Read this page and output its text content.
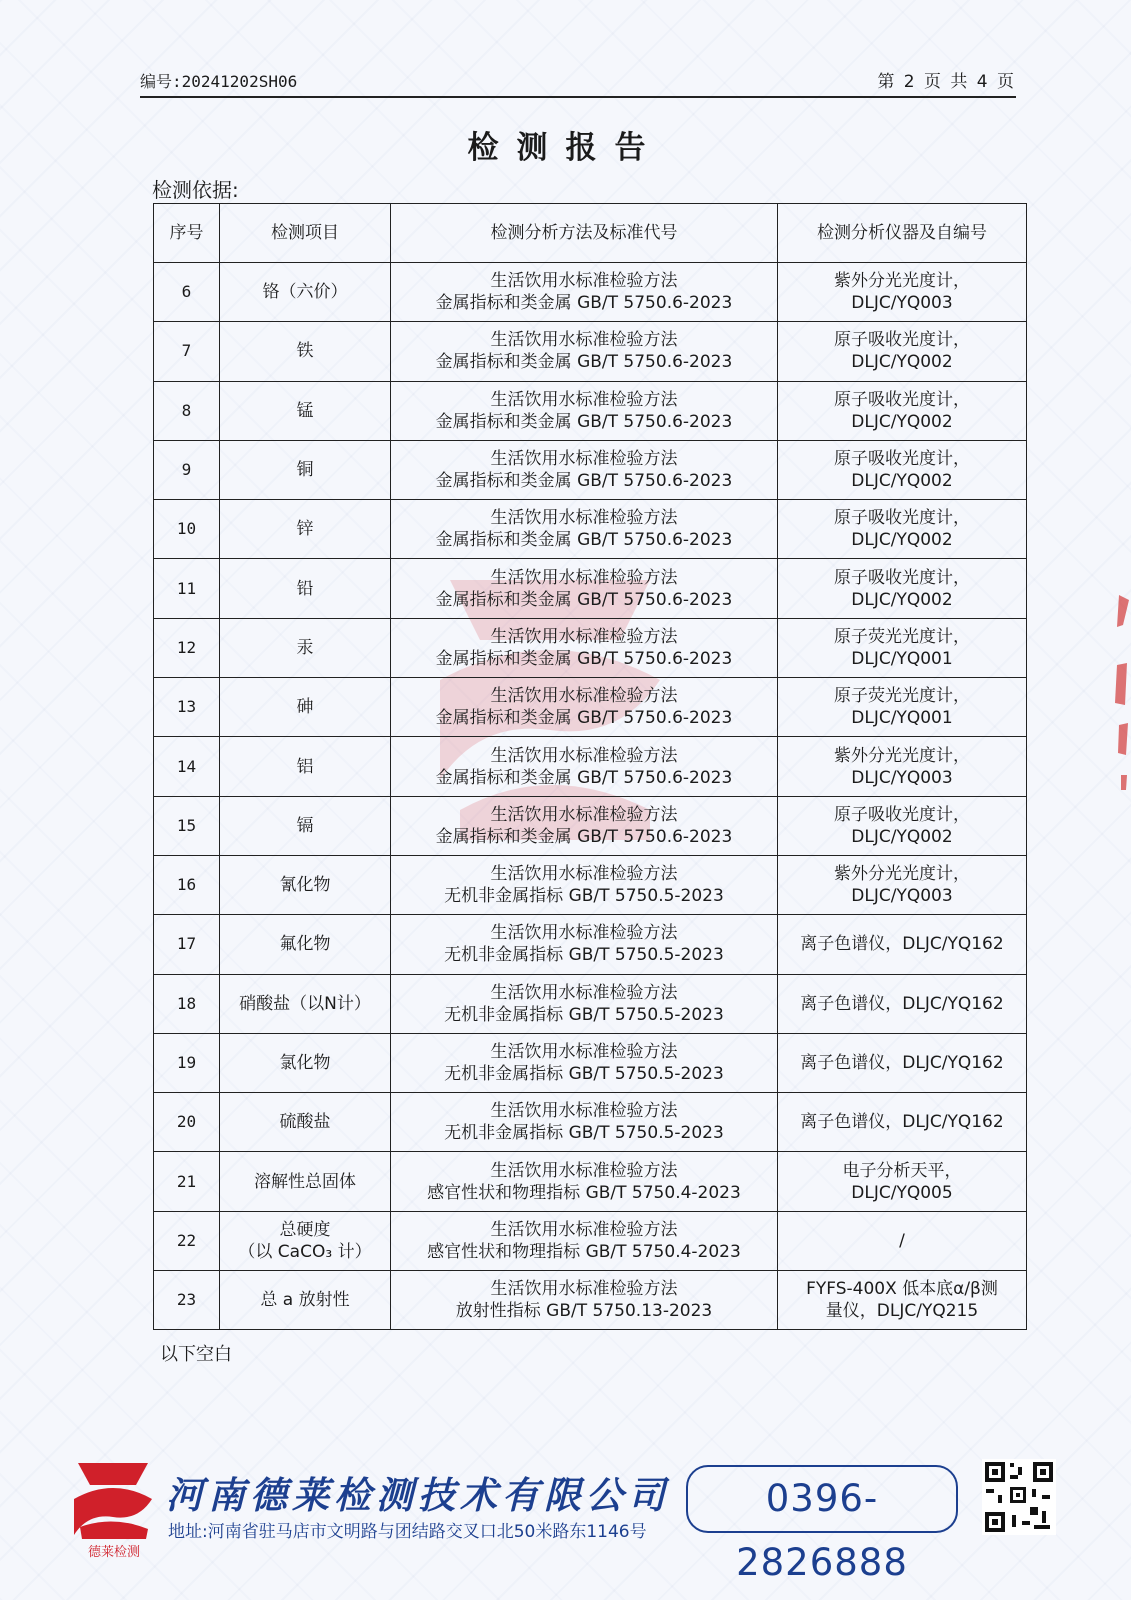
编号:20241202SH06	第 2 页 共 4 页
检测报告
检测依据:
序号	检测项目	检测分析方法及标准代号	检测分析仪器及自编号
6	铬（六价）	生活饮用水标准检验方法
金属指标和类金属 GB/T 5750.6-2023	紫外分光光度计，
DLJC/YQ003

7	铁	生活饮用水标准检验方法
金属指标和类金属 GB/T 5750.6-2023	原子吸收光度计，
DLJC/YQ002

8	锰	生活饮用水标准检验方法
金属指标和类金属 GB/T 5750.6-2023	原子吸收光度计，
DLJC/YQ002

9	铜	生活饮用水标准检验方法
金属指标和类金属 GB/T 5750.6-2023	原子吸收光度计，
DLJC/YQ002

10	锌	生活饮用水标准检验方法
金属指标和类金属 GB/T 5750.6-2023	原子吸收光度计，
DLJC/YQ002

11	铅	生活饮用水标准检验方法
金属指标和类金属 GB/T 5750.6-2023	原子吸收光度计，
DLJC/YQ002

12	汞	生活饮用水标准检验方法
金属指标和类金属 GB/T 5750.6-2023	原子荧光光度计，
DLJC/YQ001

13	砷	生活饮用水标准检验方法
金属指标和类金属 GB/T 5750.6-2023	原子荧光光度计，
DLJC/YQ001

14	铝	生活饮用水标准检验方法
金属指标和类金属 GB/T 5750.6-2023	紫外分光光度计，
DLJC/YQ003

15	镉	生活饮用水标准检验方法
金属指标和类金属 GB/T 5750.6-2023	原子吸收光度计，
DLJC/YQ002

16	氰化物	生活饮用水标准检验方法
无机非金属指标 GB/T 5750.5-2023	紫外分光光度计，
DLJC/YQ003

17	氟化物	生活饮用水标准检验方法
无机非金属指标 GB/T 5750.5-2023	离子色谱仪，DLJC/YQ162

18	硝酸盐（以N计）	生活饮用水标准检验方法
无机非金属指标 GB/T 5750.5-2023	离子色谱仪，DLJC/YQ162

19	氯化物	生活饮用水标准检验方法
无机非金属指标 GB/T 5750.5-2023	离子色谱仪，DLJC/YQ162

20	硫酸盐	生活饮用水标准检验方法
无机非金属指标 GB/T 5750.5-2023	离子色谱仪，DLJC/YQ162

21	溶解性总固体	生活饮用水标准检验方法
感官性状和物理指标 GB/T 5750.4-2023	电子分析天平，
DLJC/YQ005

22	总硬度
（以 CaCO₃ 计）	生活饮用水标准检验方法
感官性状和物理指标 GB/T 5750.4-2023	/

23	总 a 放射性	生活饮用水标准检验方法
放射性指标 GB/T 5750.13-2023	FYFS-400X 低本底α/β测
量仪，DLJC/YQ215
以下空白
德莱检测
河南德莱检测技术有限公司
地址:河南省驻马店市文明路与团结路交叉口北50米路东1146号
0396-2826888
